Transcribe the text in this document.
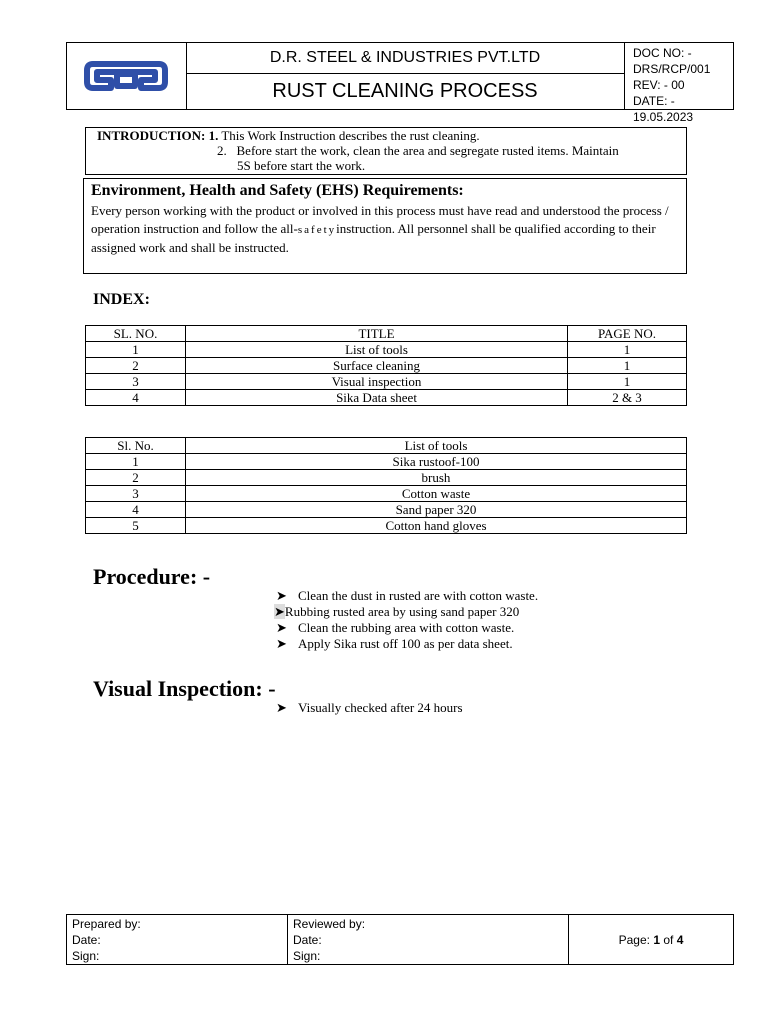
D.R. STEEL & INDUSTRIES PVT.LTD
RUST CLEANING PROCESS
DOC NO: - DRS/RCP/001
REV: - 00
DATE: - 19.05.2023
INTRODUCTION: 1. This Work Instruction describes the rust cleaning.
2. Before start the work, clean the area and segregate rusted items. Maintain
5S before start the work.
Environment, Health and Safety (EHS) Requirements:

Every person working with the product or involved in this process must have read and understood the process / operation instruction and follow the all-safetyinstruction. All personnel shall be qualified according to their assigned work and shall be instructed.

INDEX:
SL. NO.	TITLE	PAGE NO.
1	List of tools	1
2	Surface cleaning	1
3	Visual inspection	1
4	Sika Data sheet	2 & 3
Sl. No.	List of tools
1	Sika rustoof-100
2	brush
3	Cotton waste
4	Sand paper 320
5	Cotton hand gloves
Procedure: -
➤ Clean the dust in rusted are with cotton waste.
➤Rubbing rusted area by using sand paper 320
➤ Clean the rubbing area with cotton waste.
➤ Apply Sika rust off 100 as per data sheet.
Visual Inspection: -
➤ Visually checked after 24 hours
Prepared by:
Date:
Sign:
Reviewed by:
Date:
Sign:
Page:
1
of
4
